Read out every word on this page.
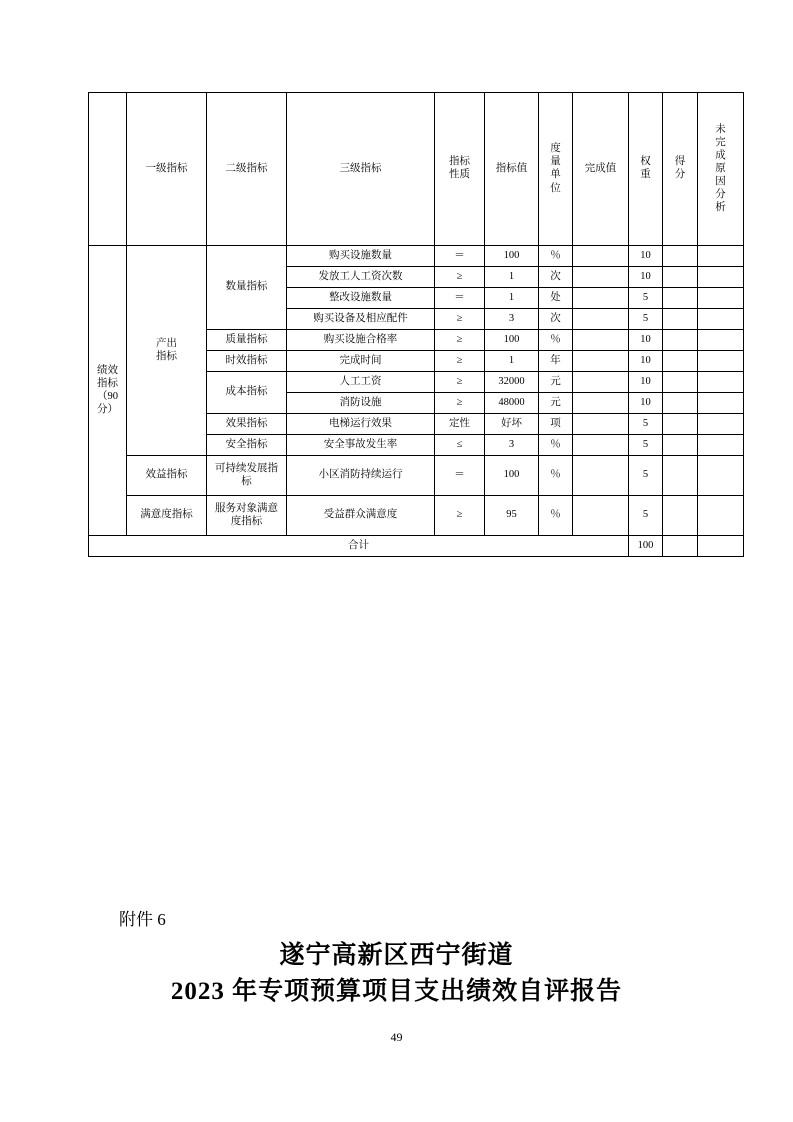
	一级指标	二级指标	三级指标	指标性质	指标值	度量单位	完成值	权重	得分	未完成原因分析
绩效指标（90分）	产出指标	数量指标	购买设施数量	＝	100	％		10		
			发放工人工资次数	≥	1	次		10		
			整改设施数量	＝	1	处		5		
			购买设备及相应配件	≥	3	次		5		
		质量指标	购买设施合格率	≥	100	％		10		
		时效指标	完成时间	≥	1	年		10		
		成本指标	人工工资	≥	32000	元		10		
			消防设施	≥	48000	元		10		
		效果指标	电梯运行效果	定性	好坏	项		5		
		安全指标	安全事故发生率	≤	3	％		5		
	效益指标	可持续发展指标	小区消防持续运行	＝	100	％		5		
	满意度指标	服务对象满意度指标	受益群众满意度	≥	95	％		5		
合计								100		
附件 6
遂宁高新区西宁街道
2023 年专项预算项目支出绩效自评报告
49
